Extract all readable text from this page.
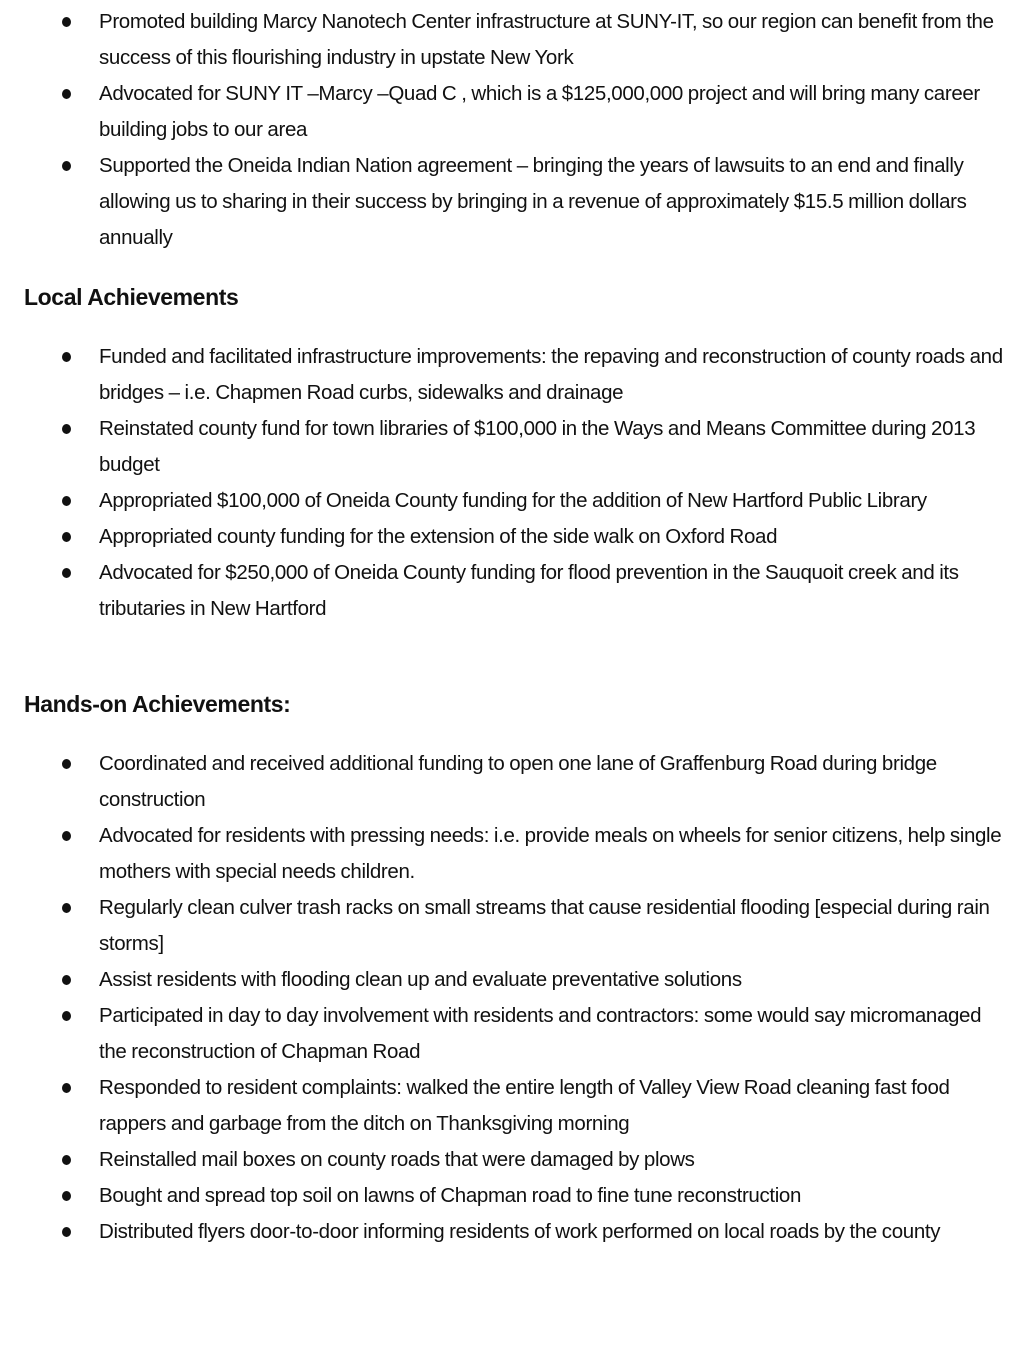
Promoted building Marcy Nanotech Center infrastructure at SUNY-IT, so our region can benefit from the success of this flourishing industry in upstate New York
Advocated for SUNY IT –Marcy –Quad C , which is a $125,000,000 project and will bring many career building jobs to our area
Supported the Oneida Indian Nation agreement – bringing the years of lawsuits to an end and finally allowing us to sharing in their success by bringing in a revenue of approximately $15.5 million dollars annually
Local Achievements
Funded and facilitated infrastructure improvements: the repaving and reconstruction of county roads and bridges – i.e. Chapmen Road curbs, sidewalks and drainage
Reinstated county fund for town libraries of $100,000 in the Ways and Means Committee during 2013 budget
Appropriated $100,000 of Oneida County funding for the addition of New Hartford Public Library
Appropriated county funding for the extension of the side walk on Oxford Road
Advocated for $250,000 of Oneida County funding for flood prevention in the Sauquoit creek and its tributaries in New Hartford
Hands-on Achievements:
Coordinated and received additional funding to open one lane of Graffenburg Road during bridge construction
Advocated for residents with pressing needs: i.e. provide meals on wheels for senior citizens, help single mothers with special needs children.
Regularly clean culver trash racks on small streams that cause residential flooding [especial during rain storms]
Assist residents with flooding clean up and evaluate preventative solutions
Participated in day to day involvement with residents and contractors: some would say micromanaged the reconstruction of Chapman Road
Responded to resident complaints: walked the entire length of Valley View Road cleaning fast food rappers and garbage from the ditch on Thanksgiving morning
Reinstalled mail boxes on county roads that were damaged by plows
Bought and spread top soil on lawns of Chapman road to fine tune reconstruction
Distributed flyers door-to-door informing residents of work performed on local roads by the county
